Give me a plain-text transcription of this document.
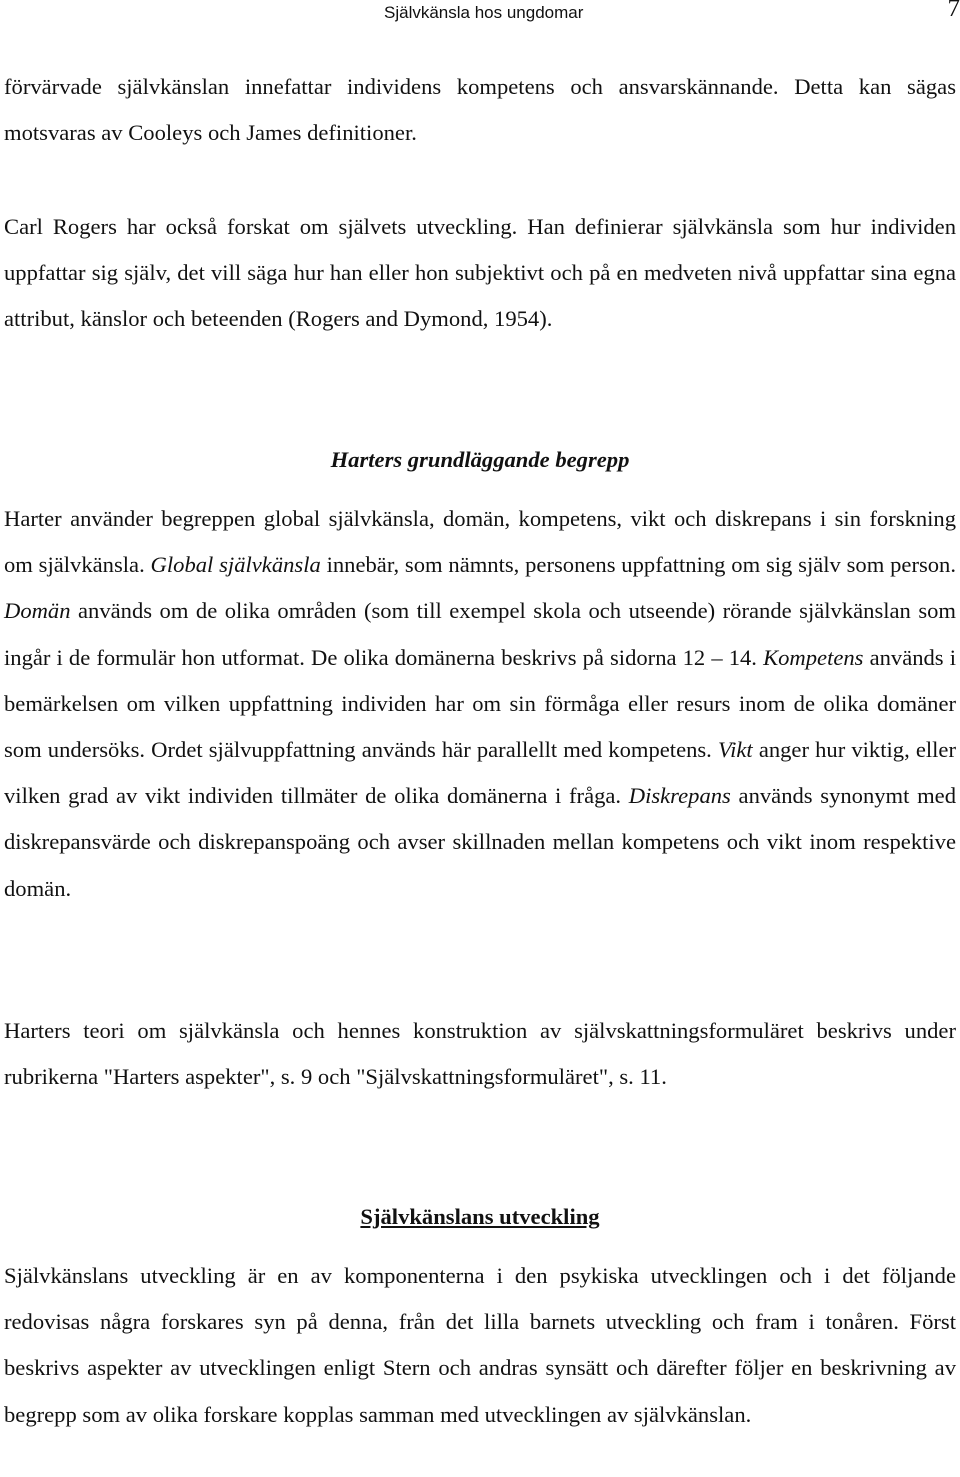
Självkänsla hos ungdomar	7

förvärvade självkänslan innefattar individens kompetens och ansvarskännande. Detta kan sägas motsvaras av Cooleys och James definitioner.

Carl Rogers har också forskat om självets utveckling. Han definierar självkänsla som hur individen uppfattar sig själv, det vill säga hur han eller hon subjektivt och på en medveten nivå uppfattar sina egna attribut, känslor och beteenden (Rogers and Dymond, 1954).

Harters grundläggande begrepp

Harter använder begreppen global självkänsla, domän, kompetens, vikt och diskrepans i sin forskning om självkänsla. Global självkänsla innebär, som nämnts, personens uppfattning om sig själv som person. Domän används om de olika områden (som till exempel skola och utseende) rörande självkänslan som ingår i de formulär hon utformat. De olika domänerna beskrivs på sidorna 12 – 14. Kompetens används i bemärkelsen om vilken uppfattning individen har om sin förmåga eller resurs inom de olika domäner som undersöks. Ordet självuppfattning används här parallellt med kompetens. Vikt anger hur viktig, eller vilken grad av vikt individen tillmäter de olika domänerna i fråga. Diskrepans används synonymt med diskrepansvärde och diskrepanspoäng och avser skillnaden mellan kompetens och vikt inom respektive domän.

Harters teori om självkänsla och hennes konstruktion av självskattningsformuläret beskrivs under rubrikerna "Harters aspekter", s. 9 och "Självskattningsformuläret", s. 11.

Självkänslans utveckling

Självkänslans utveckling är en av komponenterna i den psykiska utvecklingen och i det följande redovisas några forskares syn på denna, från det lilla barnets utveckling och fram i tonåren. Först beskrivs aspekter av utvecklingen enligt Stern och andras synsätt och därefter följer en beskrivning av begrepp som av olika forskare kopplas samman med utvecklingen av självkänslan.
